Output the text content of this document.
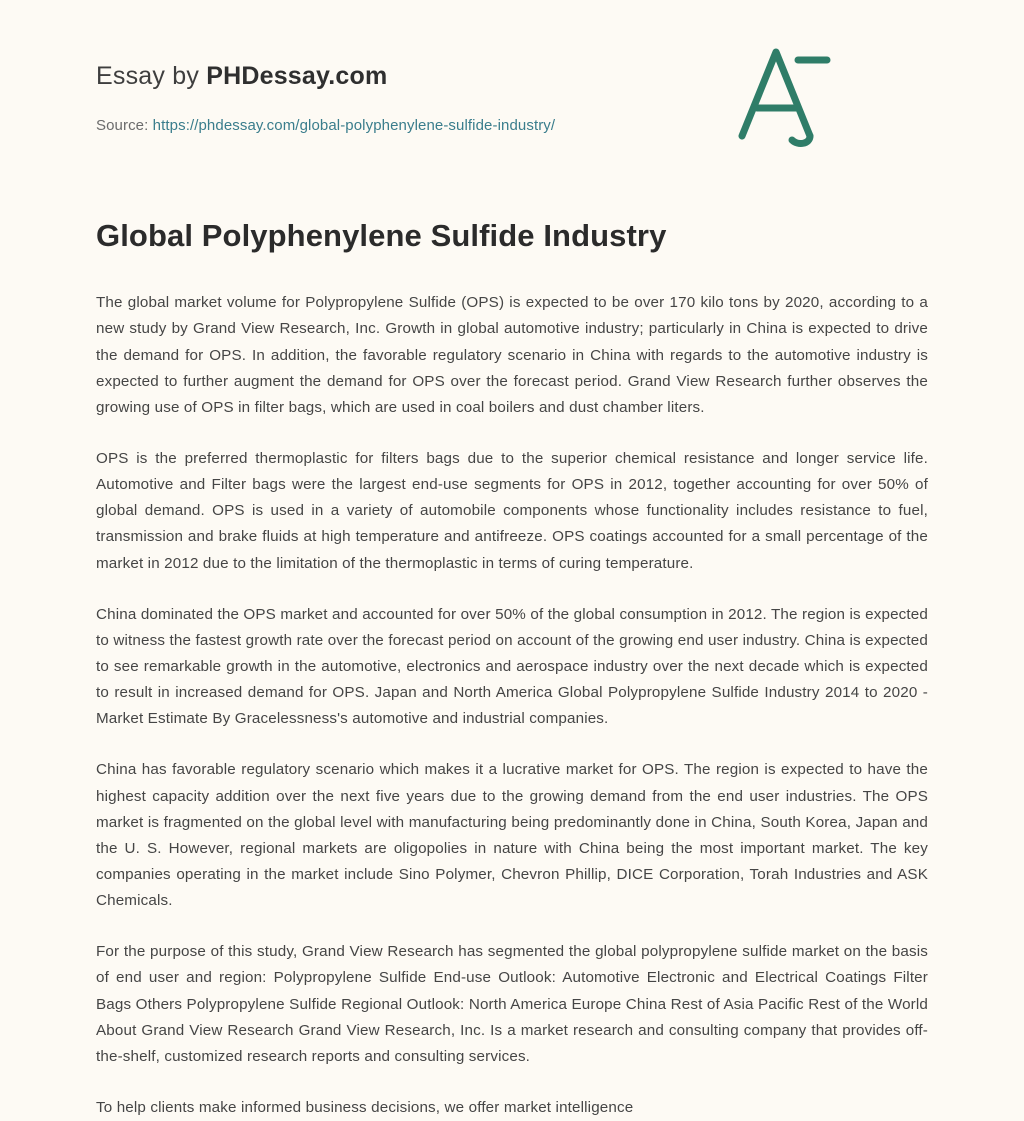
Essay by PHDessay.com
Source: https://phdessay.com/global-polyphenylene-sulfide-industry/
Global Polyphenylene Sulfide Industry

The global market volume for Polypropylene Sulfide (OPS) is expected to be over 170 kilo tons by 2020, according to a new study by Grand View Research, Inc. Growth in global automotive industry; particularly in China is expected to drive the demand for OPS. In addition, the favorable regulatory scenario in China with regards to the automotive industry is expected to further augment the demand for OPS over the forecast period. Grand View Research further observes the growing use of OPS in filter bags, which are used in coal boilers and dust chamber liters.

OPS is the preferred thermoplastic for filters bags due to the superior chemical resistance and longer service life. Automotive and Filter bags were the largest end-use segments for OPS in 2012, together accounting for over 50% of global demand. OPS is used in a variety of automobile components whose functionality includes resistance to fuel, transmission and brake fluids at high temperature and antifreeze. OPS coatings accounted for a small percentage of the market in 2012 due to the limitation of the thermoplastic in terms of curing temperature.

China dominated the OPS market and accounted for over 50% of the global consumption in 2012. The region is expected to witness the fastest growth rate over the forecast period on account of the growing end user industry. China is expected to see remarkable growth in the automotive, electronics and aerospace industry over the next decade which is expected to result in increased demand for OPS. Japan and North America Global Polypropylene Sulfide Industry 2014 to 2020 - Market Estimate By Gracelessness's automotive and industrial companies.

China has favorable regulatory scenario which makes it a lucrative market for OPS. The region is expected to have the highest capacity addition over the next five years due to the growing demand from the end user industries. The OPS market is fragmented on the global level with manufacturing being predominantly done in China, South Korea, Japan and the U. S. However, regional markets are oligopolies in nature with China being the most important market. The key companies operating in the market include Sino Polymer, Chevron Phillip, DICE Corporation, Torah Industries and ASK Chemicals.

For the purpose of this study, Grand View Research has segmented the global polypropylene sulfide market on the basis of end user and region: Polypropylene Sulfide End-use Outlook: Automotive Electronic and Electrical Coatings Filter Bags Others Polypropylene Sulfide Regional Outlook: North America Europe China Rest of Asia Pacific Rest of the World About Grand View Research Grand View Research, Inc. Is a market research and consulting company that provides off-the-shelf, customized research reports and consulting services.

To help clients make informed business decisions, we offer market intelligence
